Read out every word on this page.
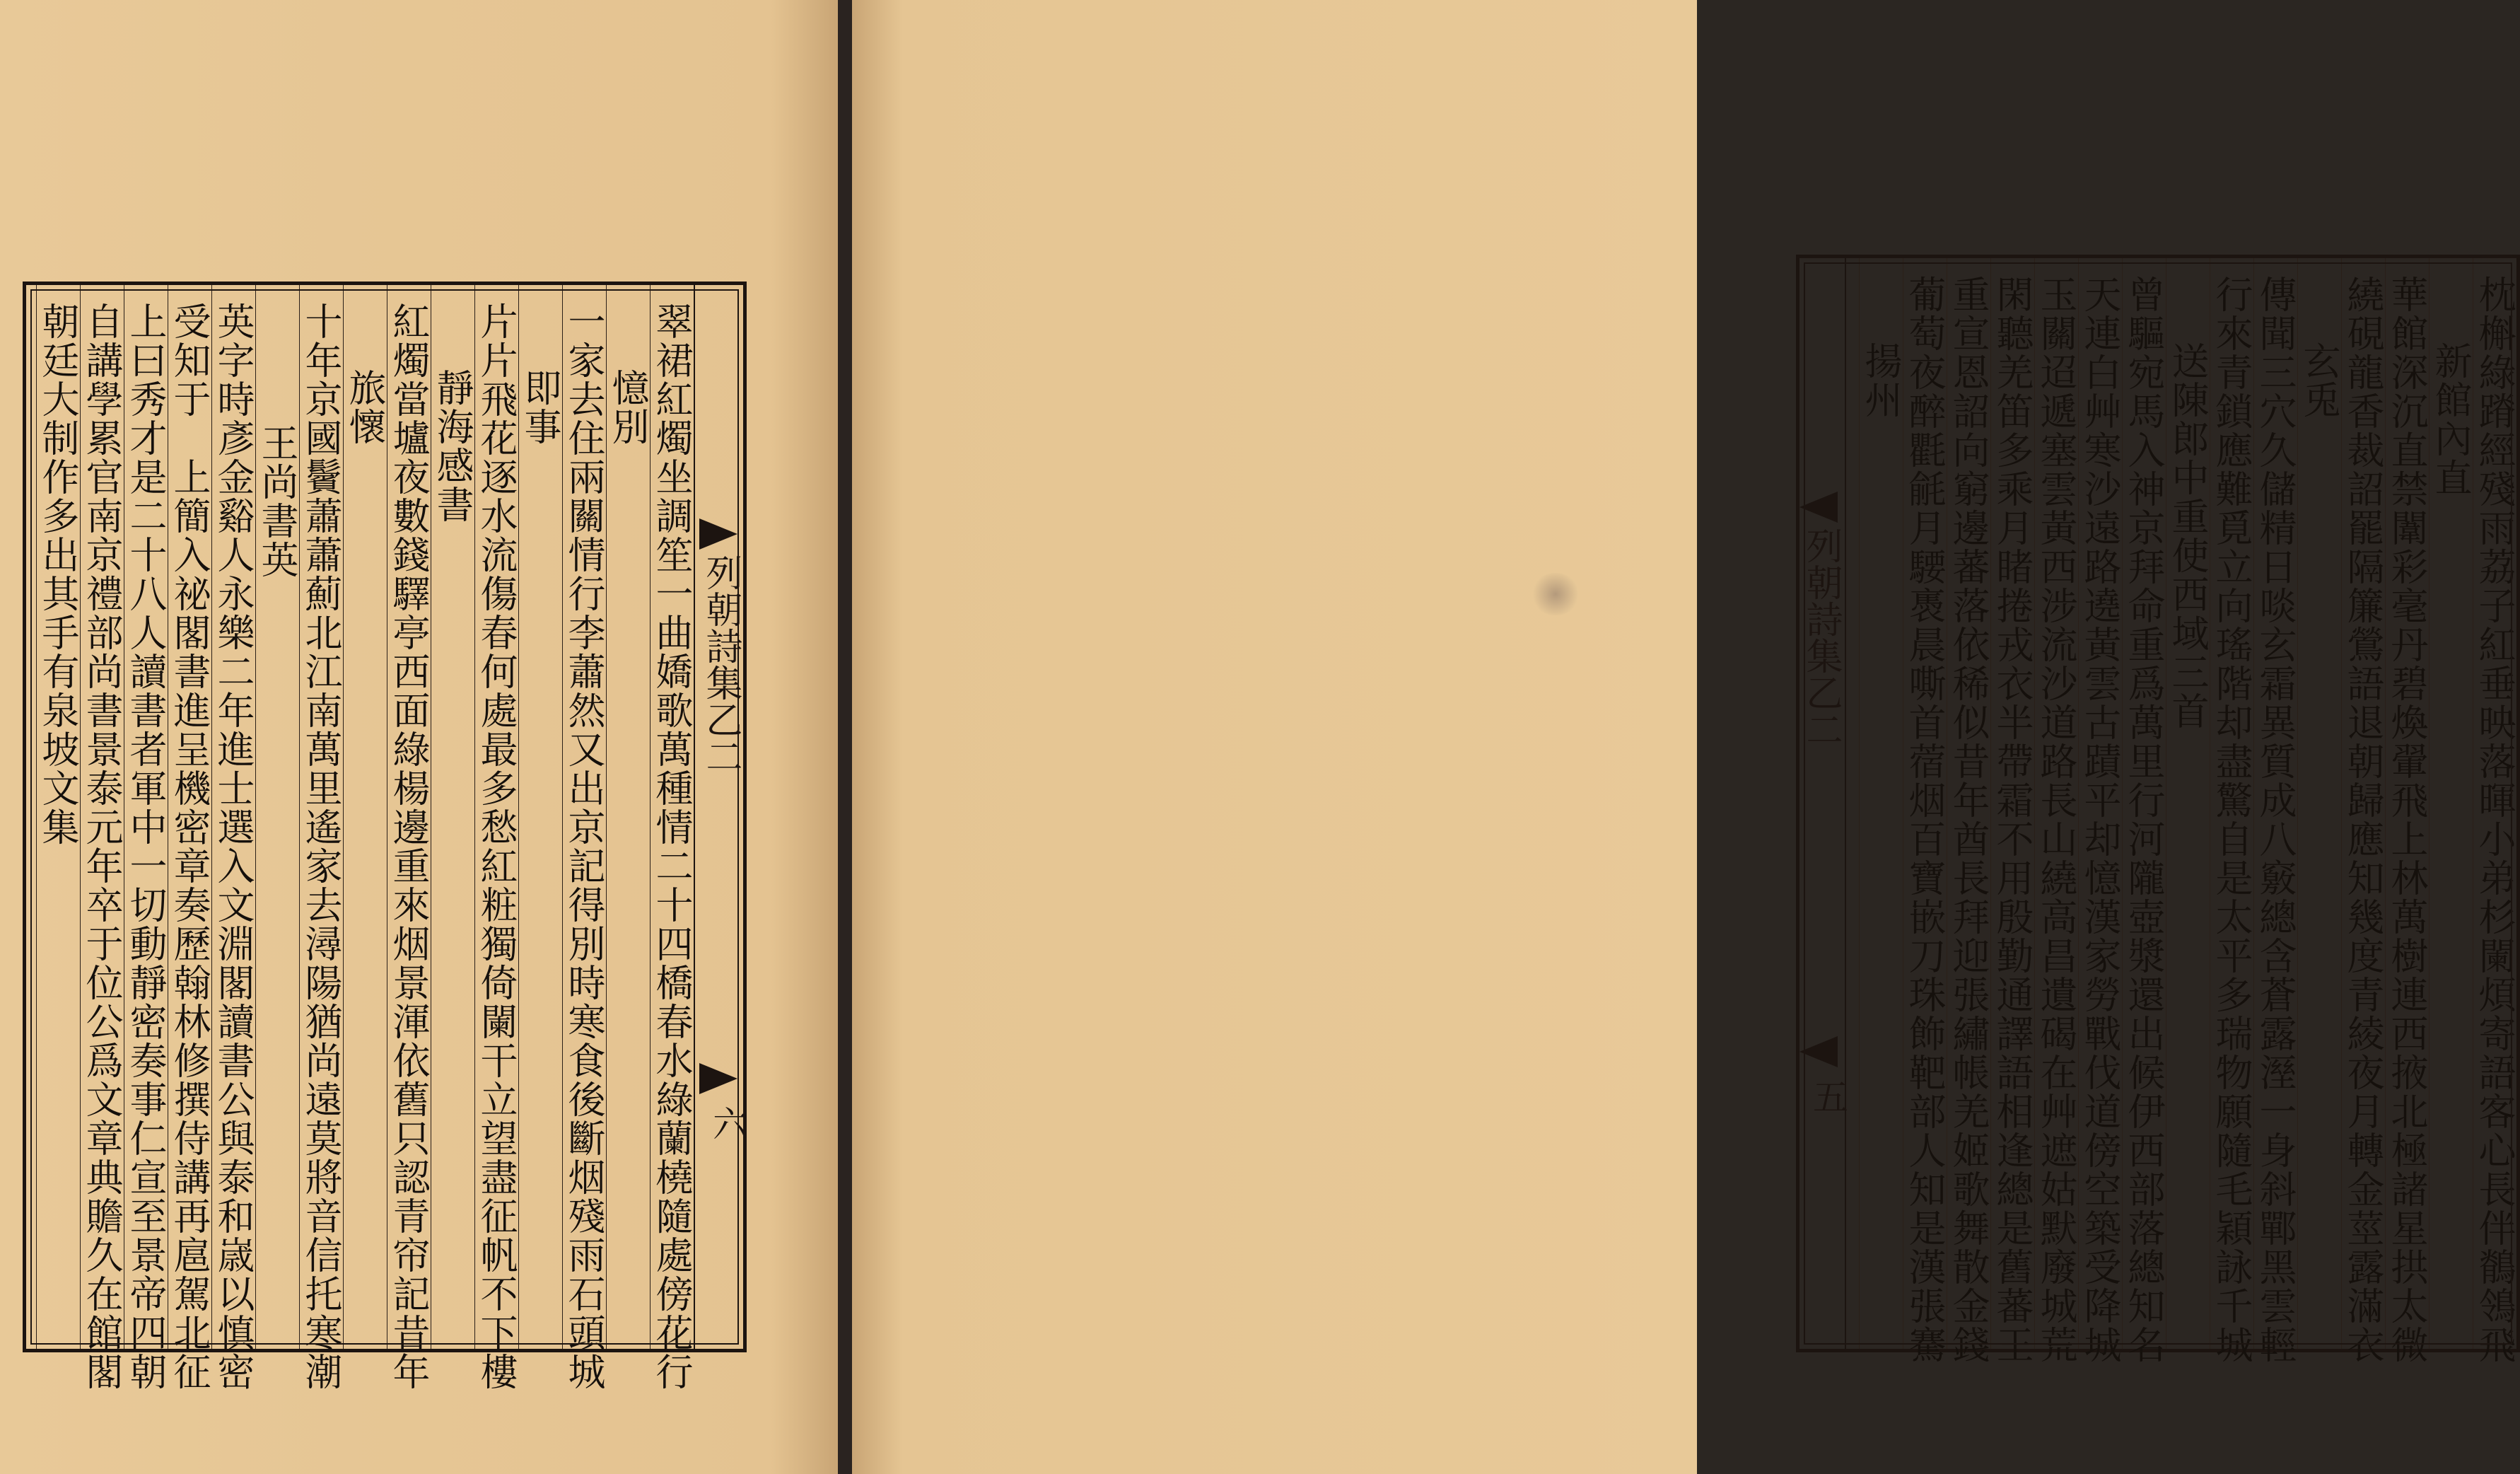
列朝詩集乙二
六
翠裙紅燭坐調笙一曲嬌歌萬種情二十四橋春水綠蘭橈隨處傍花行
憶別
一家去住兩關情行李蕭然又出京記得別時寒食後斷烟殘雨石頭城
即事
片片飛花逐水流傷春何處最多愁紅粧獨倚闌干立望盡征帆不下樓
靜海感書
紅燭當壚夜數錢驛亭西面綠楊邊重來烟景渾依舊只認青帘記昔年
旅懷
十年京國鬢蕭蕭薊北江南萬里遙家去潯陽猶尚遠莫將音信托寒潮
王尚書英
英字時彥金谿人永樂二年進士選入文淵閣讀書公與泰和𡻕以慎密
受知于　上簡入祕閣書進呈機密章奏歷翰林修撰侍講再扈駕北征
上曰秀才是二十八人讀書者軍中一切動靜密奏事仁宣至景帝四朝
自講學累官南京禮部尚書景泰元年卒于位公爲文章典贍久在館閣
朝廷大制作多出其手有泉坡文集	列朝詩集乙二
五	枕槲綠蹐經殘雨荔子紅垂映落暉小弟杉闌煩寄語客心長伴鶺鴒飛
新館內直
華館深沉直禁闈彩毫丹碧煥翬飛上林萬樹連西掖北極諸星拱太微
繞硯龍香裁詔罷隔簾鶯語退朝歸應知幾度青綾夜月轉金莖露滿衣
玄兎
傳聞三穴久儲精日啖玄霜異質成八竅總含蒼露溼一身斜鄲黑雲輕
行來青鎖應難覓立向瑤階却盡驚自是太平多瑞物願隨毛穎詠千城
送陳郎中重使西域三首
曾驅宛馬入神京拜命重爲萬里行河隴壺漿還出候伊西部落總知名
天連白艸寒沙遠路遶黃雲古蹟平却憶漢家勞戰伐道傍空築受降城
玉關迢遞塞雲黃西涉流沙道路長山繞高昌遺碣在艸遮姑默廢城荒
閑聽羌笛多乘月睹捲戎衣半帶霜不用殷勤通譯語相逢總是舊蕃王
重宣恩詔向窮邊蕃落依稀似昔年酋長拜迎張繡帳羌姬歌舞散金錢
葡萄夜醉氍毹月騕褭晨嘶首蓿烟百寶嵌刀珠飾靶部人知是漢張騫
揚州
